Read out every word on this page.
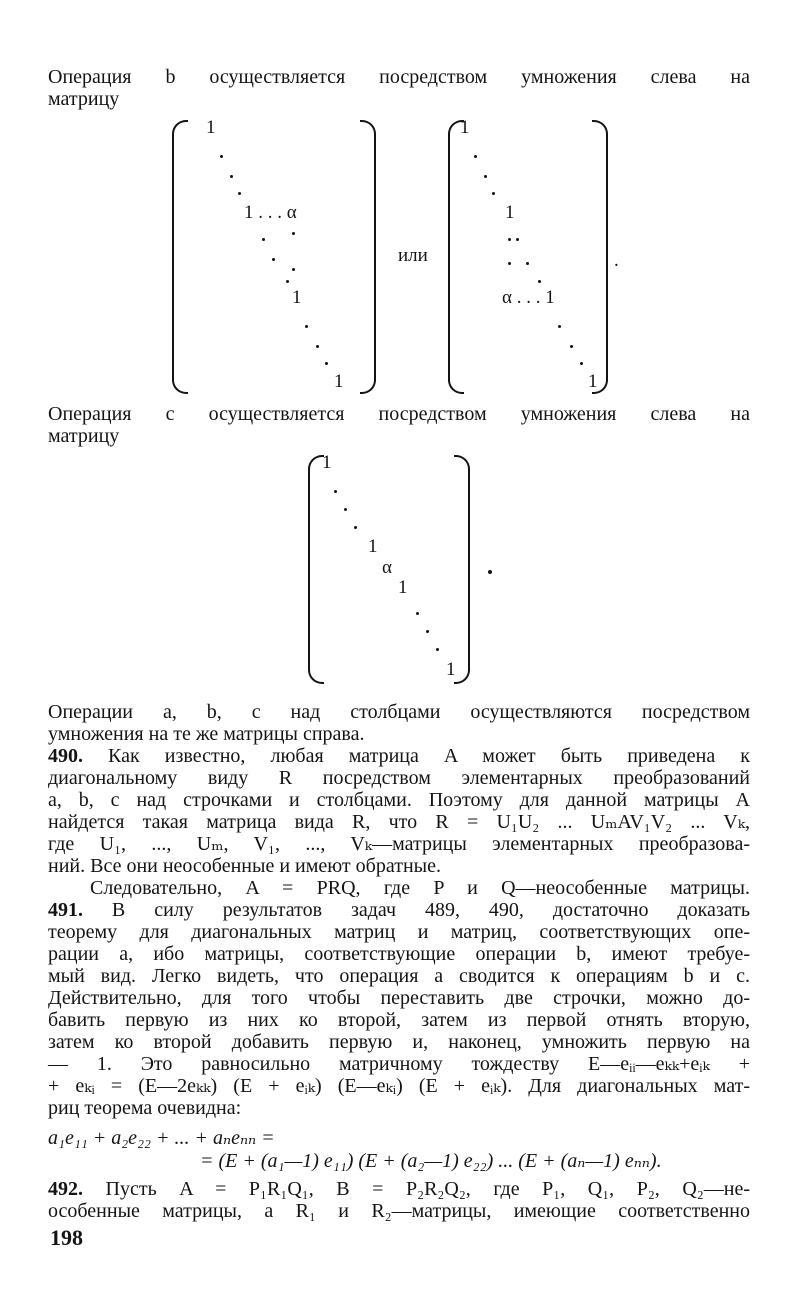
Операция b осуществляется посредством умножения слева на
матрицу
1
1 . . . α
1
1
или
1
1
α . . . 1
1
.
Операция с осуществляется посредством умножения слева на
матрицу
1
1
α
1
1
Операции а, b, с над столбцами осуществляются посредством
умножения на те же матрицы справа.
490. Как известно, любая матрица A может быть приведена к
диагональному виду R посредством элементарных преобразований
a, b, c над строчками и столбцами. Поэтому для данной матрицы A
найдется такая матрица вида R, что R = U₁U₂ ... UₘAV₁V₂ ... Vₖ,
где U₁, ..., Uₘ, V₁, ..., Vₖ—матрицы элементарных преобразова-
ний. Все они неособенные и имеют обратные.
Следовательно, A = PRQ, где P и Q—неособенные матрицы.
491. В силу результатов задач 489, 490, достаточно доказать
теорему для диагональных матриц и матриц, соответствующих опе-
рации а, ибо матрицы, соответствующие операции b, имеют требуе-
мый вид. Легко видеть, что операция а сводится к операциям b и с.
Действительно, для того чтобы переставить две строчки, можно до-
бавить первую из них ко второй, затем из первой отнять вторую,
затем ко второй добавить первую и, наконец, умножить первую на
— 1. Это равносильно матричному тождеству E—eᵢᵢ—eₖₖ+eᵢₖ +
+ eₖᵢ = (E—2eₖₖ) (E + eᵢₖ) (E—eₖᵢ) (E + eᵢₖ). Для диагональных мат-
риц теорема очевидна:
a₁e₁₁ + a₂e₂₂ + ... + aₙeₙₙ =
= (E + (a₁—1) e₁₁) (E + (a₂—1) e₂₂) ... (E + (aₙ—1) eₙₙ).
492. Пусть A = P₁R₁Q₁, B = P₂R₂Q₂, где P₁, Q₁, P₂, Q₂—не-
особенные матрицы, а R₁ и R₂—матрицы, имеющие соответственно
198
